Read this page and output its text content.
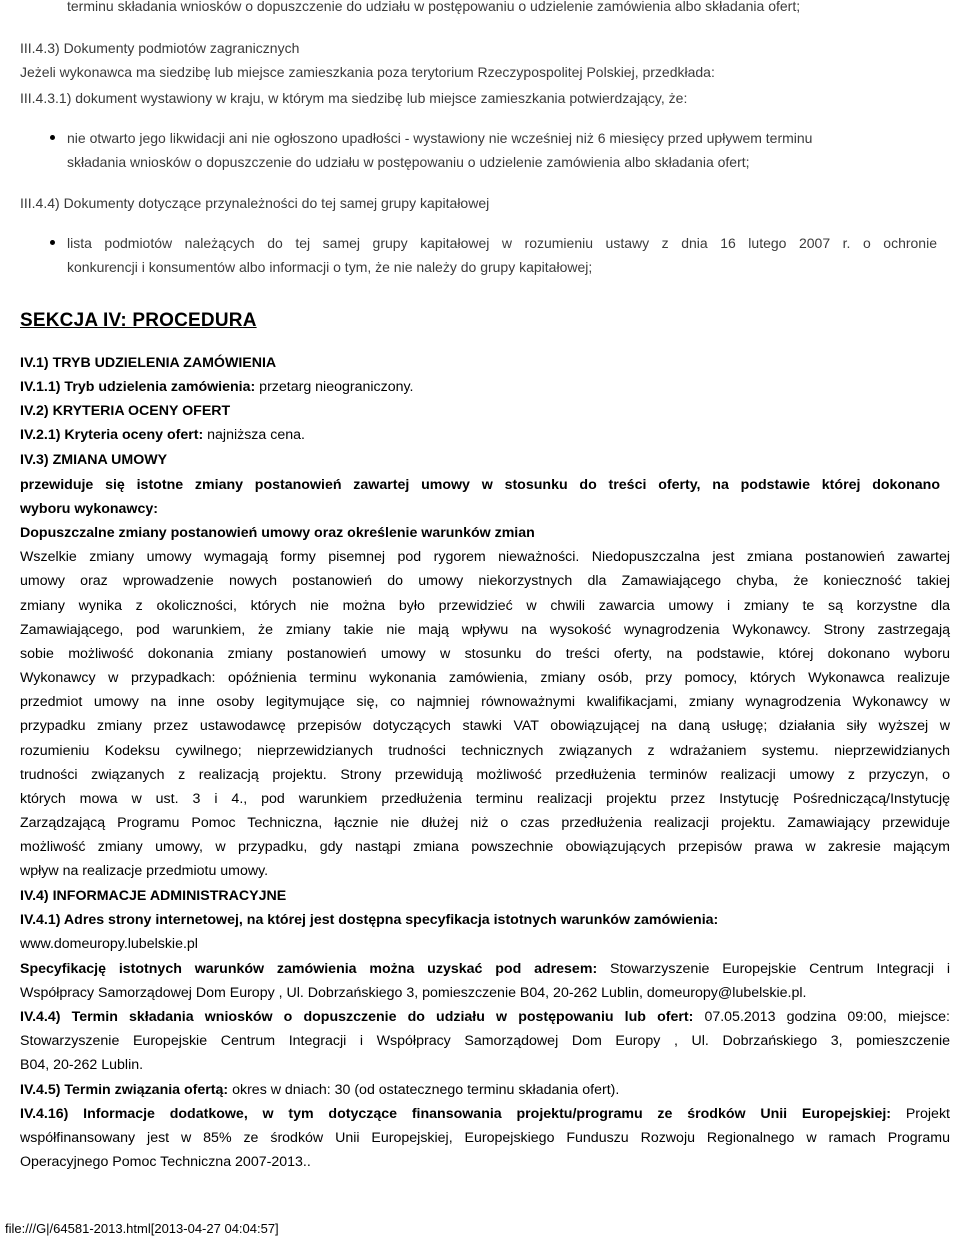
terminu składania wniosków o dopuszczenie do udziału w postępowaniu o udzielenie zamówienia albo składania ofert;
III.4.3) Dokumenty podmiotów zagranicznych
Jeżeli wykonawca ma siedzibę lub miejsce zamieszkania poza terytorium Rzeczypospolitej Polskiej, przedkłada:
III.4.3.1) dokument wystawiony w kraju, w którym ma siedzibę lub miejsce zamieszkania potwierdzający, że:
nie otwarto jego likwidacji ani nie ogłoszono upadłości - wystawiony nie wcześniej niż 6 miesięcy przed upływem terminu
składania wniosków o dopuszczenie do udziału w postępowaniu o udzielenie zamówienia albo składania ofert;
III.4.4) Dokumenty dotyczące przynależności do tej samej grupy kapitałowej
lista podmiotów należących do tej samej grupy kapitałowej w rozumieniu ustawy z dnia 16 lutego 2007 r. o ochronie
konkurencji i konsumentów albo informacji o tym, że nie należy do grupy kapitałowej;
SEKCJA IV: PROCEDURA
IV.1) TRYB UDZIELENIA ZAMÓWIENIA
IV.1.1) Tryb udzielenia zamówienia: przetarg nieograniczony.
IV.2) KRYTERIA OCENY OFERT
IV.2.1) Kryteria oceny ofert: najniższa cena.
IV.3) ZMIANA UMOWY
przewiduje się istotne zmiany postanowień zawartej umowy w stosunku do treści oferty, na podstawie której dokonano
wyboru wykonawcy:
Dopuszczalne zmiany postanowień umowy oraz określenie warunków zmian
Wszelkie zmiany umowy wymagają formy pisemnej pod rygorem nieważności. Niedopuszczalna jest zmiana postanowień zawartej
umowy oraz wprowadzenie nowych postanowień do umowy niekorzystnych dla Zamawiającego chyba, że konieczność takiej
zmiany wynika z okoliczności, których nie można było przewidzieć w chwili zawarcia umowy i zmiany te są korzystne dla
Zamawiającego, pod warunkiem, że zmiany takie nie mają wpływu na wysokość wynagrodzenia Wykonawcy. Strony zastrzegają
sobie możliwość dokonania zmiany postanowień umowy w stosunku do treści oferty, na podstawie, której dokonano wyboru
Wykonawcy w przypadkach: opóźnienia terminu wykonania zamówienia, zmiany osób, przy pomocy, których Wykonawca realizuje
przedmiot umowy na inne osoby legitymujące się, co najmniej równoważnymi kwalifikacjami, zmiany wynagrodzenia Wykonawcy w
przypadku zmiany przez ustawodawcę przepisów dotyczących stawki VAT obowiązującej na daną usługę; działania siły wyższej w
rozumieniu Kodeksu cywilnego; nieprzewidzianych trudności technicznych związanych z wdrażaniem systemu. nieprzewidzianych
trudności związanych z realizacją projektu. Strony przewidują możliwość przedłużenia terminów realizacji umowy z przyczyn, o
których mowa w ust. 3 i 4., pod warunkiem przedłużenia terminu realizacji projektu przez Instytucję Pośredniczącą/Instytucję
Zarządzającą Programu Pomoc Techniczna, łącznie nie dłużej niż o czas przedłużenia realizacji projektu. Zamawiający przewiduje
możliwość zmiany umowy, w przypadku, gdy nastąpi zmiana powszechnie obowiązujących przepisów prawa w zakresie mającym
wpływ na realizacje przedmiotu umowy.
IV.4) INFORMACJE ADMINISTRACYJNE
IV.4.1) Adres strony internetowej, na której jest dostępna specyfikacja istotnych warunków zamówienia:
www.domeuropy.lubelskie.pl
Specyfikację istotnych warunków zamówienia można uzyskać pod adresem: Stowarzyszenie Europejskie Centrum Integracji i
Współpracy Samorządowej Dom Europy , Ul. Dobrzańskiego 3, pomieszczenie B04, 20-262 Lublin, domeuropy@lubelskie.pl.
IV.4.4) Termin składania wniosków o dopuszczenie do udziału w postępowaniu lub ofert: 07.05.2013 godzina 09:00, miejsce:
Stowarzyszenie Europejskie Centrum Integracji i Współpracy Samorządowej Dom Europy , Ul. Dobrzańskiego 3, pomieszczenie
B04, 20-262 Lublin.
IV.4.5) Termin związania ofertą: okres w dniach: 30 (od ostatecznego terminu składania ofert).
IV.4.16) Informacje dodatkowe, w tym dotyczące finansowania projektu/programu ze środków Unii Europejskiej: Projekt
współfinansowany jest w 85% ze środków Unii Europejskiej, Europejskiego Funduszu Rozwoju Regionalnego w ramach Programu
Operacyjnego Pomoc Techniczna 2007-2013..
file:///G|/64581-2013.html[2013-04-27 04:04:57]
